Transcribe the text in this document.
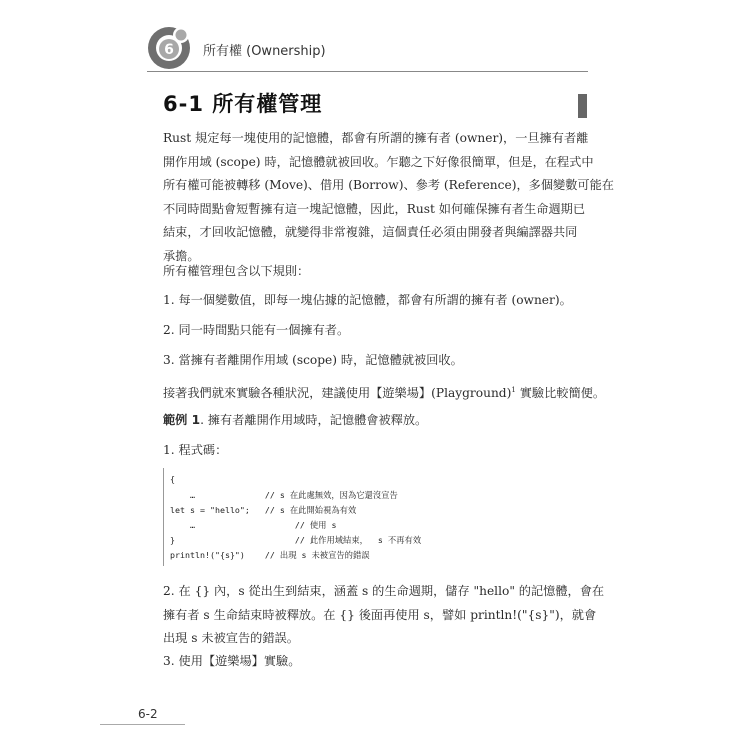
6 所有權 (Ownership)
6-1 所有權管理
Rust 規定每一塊使用的記憶體，都會有所謂的擁有者 (owner)，一旦擁有者離
開作用域 (scope) 時，記憶體就被回收。乍聽之下好像很簡單，但是，在程式中
所有權可能被轉移 (Move)、借用 (Borrow)、參考 (Reference)，多個變數可能在
不同時間點會短暫擁有這一塊記憶體，因此，Rust 如何確保擁有者生命週期已
結束，才回收記憶體，就變得非常複雜，這個責任必須由開發者與編譯器共同
承擔。
所有權管理包含以下規則：
1. 每一個變數值，即每一塊佔據的記憶體，都會有所謂的擁有者 (owner)。
2. 同一時間點只能有一個擁有者。
3. 當擁有者離開作用域 (scope) 時，記憶體就被回收。
接著我們就來實驗各種狀況，建議使用【遊樂場】(Playground)$^1$ 實驗比較簡便。
範例 1. 擁有者離開作用域時，記憶體會被釋放。
1. 程式碼：
{
…              // s 在此處無效，因為它還沒宣告
let s = "hello";   // s 在此開始視為有效
…                    // 使用 s
}                        // 此作用域結束，  s 不再有效
println!("{s}")    // 出現 s 未被宣告的錯誤
2. 在 {} 內，s 從出生到結束，涵蓋 s 的生命週期，儲存 "hello" 的記憶體，會在
擁有者 s 生命結束時被釋放。在 {} 後面再使用 s，譬如 println!("{s}")，就會
出現 s 未被宣告的錯誤。
3. 使用【遊樂場】實驗。
6-2
